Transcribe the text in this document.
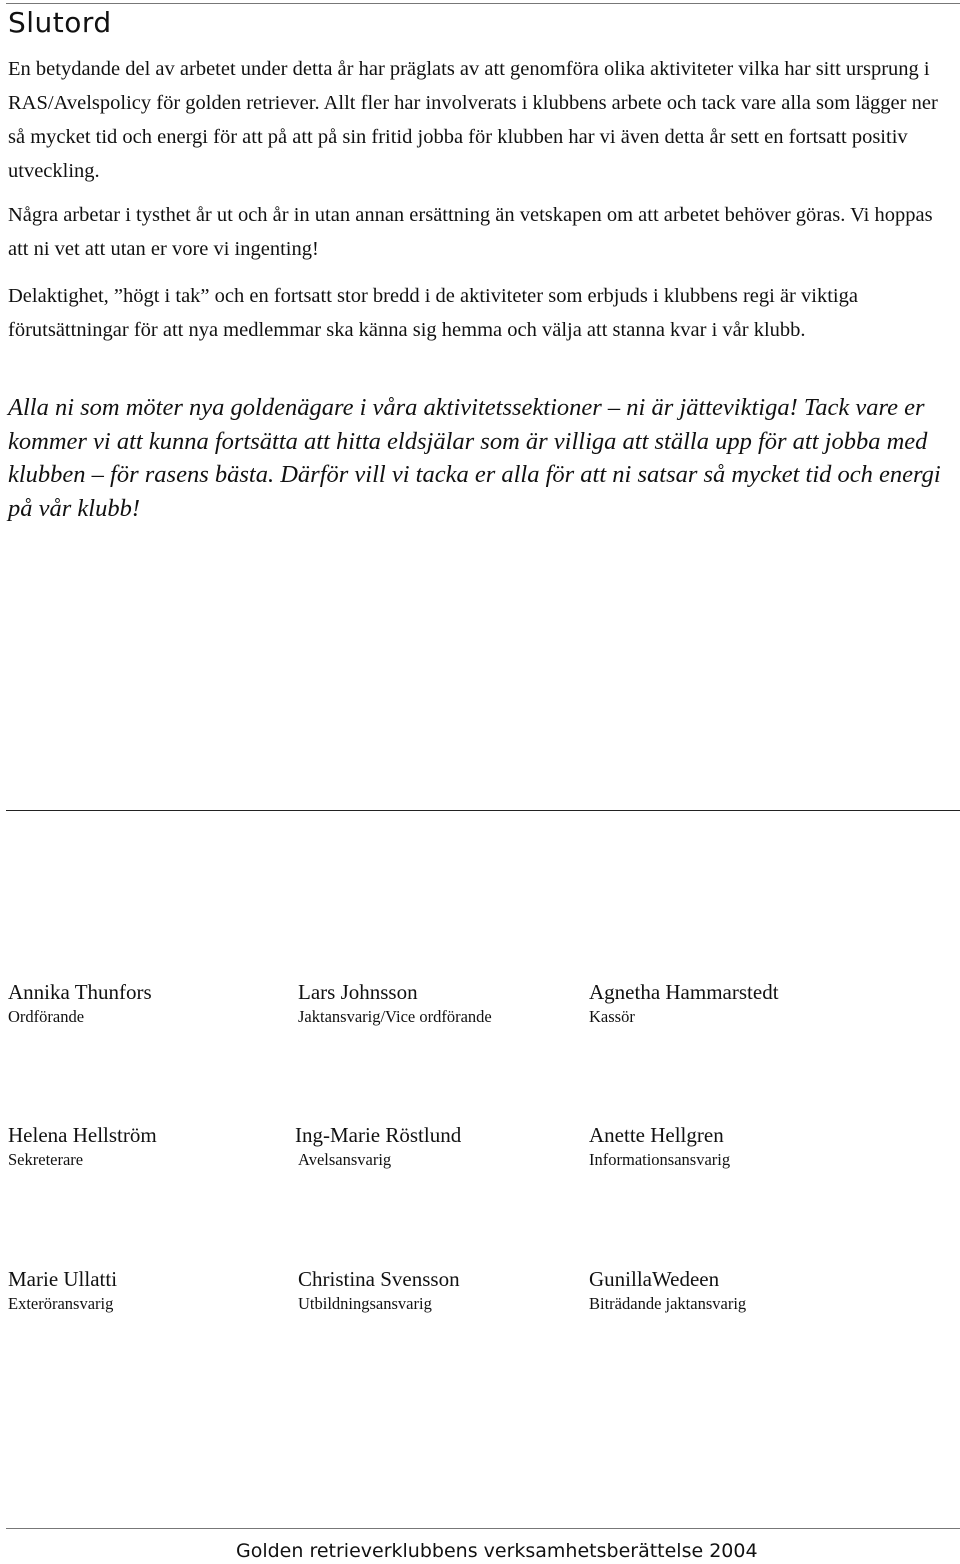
Slutord

En betydande del av arbetet under detta år har präglats av att genomföra olika aktiviteter vilka har sitt ursprung i RAS/Avelspolicy för golden retriever. Allt fler har involverats i klubbens arbete och tack vare alla som lägger ner så mycket tid och energi för att på att på sin fritid jobba för klubben har vi även detta år sett en fortsatt positiv utveckling.

Några arbetar i tysthet år ut och år in utan annan ersättning än vetskapen om att arbetet behöver göras. Vi hoppas att ni vet att utan er vore vi ingenting!

Delaktighet, ”högt i tak” och en fortsatt stor bredd i de aktiviteter som erbjuds i klubbens regi är viktiga förutsättningar för att nya medlemmar ska känna sig hemma och välja att stanna kvar i vår klubb.

Alla ni som möter nya goldenägare i våra aktivitetssektioner – ni är jätteviktiga! Tack vare er kommer vi att kunna fortsätta att hitta eldsjälar som är villiga att ställa upp för att jobba med klubben – för rasens bästa. Därför vill vi tacka er alla för att ni satsar så mycket tid och energi på vår klubb!

Annika Thunfors
Ordförande
Lars Johnsson
Jaktansvarig/Vice ordförande
Agnetha Hammarstedt
Kassör
Helena Hellström
Sekreterare
Ing-Marie Röstlund
Avelsansvarig
Anette Hellgren
Informationsansvarig
Marie Ullatti
Exteröransvarig
Christina Svensson
Utbildningsansvarig
GunillaWedeen
Biträdande jaktansvarig
Golden retrieverklubbens verksamhetsberättelse 2004
